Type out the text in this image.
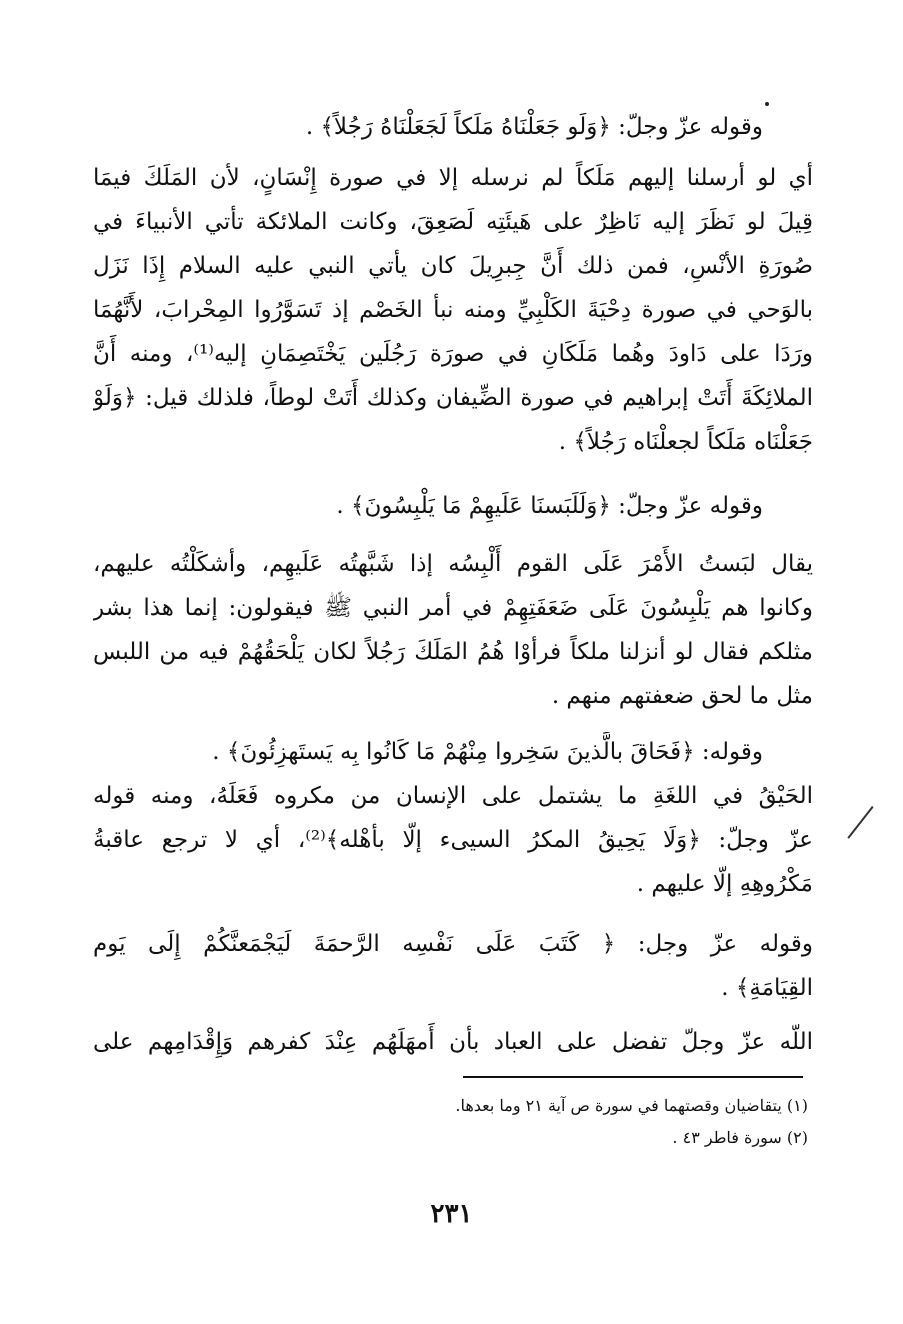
وقوله عزّ وجلّ: ﴿وَلَو جَعَلْنَاهُ مَلَكاً لَجَعَلْنَاهُ رَجُلاً﴾ .
أي لو أرسلنا إليهم مَلَكاً لم نرسله إلا في صورة إِنْسَانٍ، لأن المَلَكَ فيمَا
قِيلَ لو نَظَرَ إليه نَاظِرٌ على هَيئَتِه لَصَعِقَ، وكانت الملائكة تأتي الأنبياءَ في
صُورَةِ الأنْسِ، فمن ذلك أَنَّ جِبرِيلَ كان يأتي النبي عليه السلام إِذَا نَزَل
بالوَحي في صورة دِحْيَةَ الكَلْبِيِّ ومنه نبأ الخَصْم إذ تَسَوَّرُوا المِحْرابَ، لأَنَّهُمَا
ورَدَا على دَاودَ وهُما مَلَكَانِ في صورَة رَجُلَين يَخْتَصِمَانِ إليه⁽¹⁾، ومنه أَنَّ
الملائِكَةَ أَتَتْ إبراهيم في صورة الضِّيفان وكذلك أَتَتْ لوطاً، فلذلك قيل: ﴿وَلَوْ
جَعَلْنَاه مَلَكاً لجعلْنَاه رَجُلاً﴾ .
وقوله عزّ وجلّ: ﴿وَلَلَبَسنَا عَلَيهِمْ مَا يَلْبِسُونَ﴾ .
يقال لبَستُ الأَمْرَ عَلَى القوم أَلْبِسُه إذا شَبَّهتُه عَلَيهِم، وأشكَلْتُه عليهم،
وكانوا هم يَلْبِسُونَ عَلَى ضَعَفَتِهِمْ في أمر النبي ﷺ فيقولون: إنما هذا بشر
مثلكم فقال لو أنزلنا ملكاً فرأوْا هُمُ المَلَكَ رَجُلاً لكان يَلْحَقُهُمْ فيه من اللبس
مثل ما لحق ضعفتهم منهم .
وقوله: ﴿فَحَاقَ بالَّذينَ سَخِروا مِنْهُمْ مَا كَانُوا بِه يَستَهزِئُونَ﴾ .
الحَيْقُ في اللغَةِ ما يشتمل على الإنسان من مكروه فَعَلَهُ، ومنه قوله
عزّ وجلّ: ﴿وَلَا يَحِيقُ المكرُ السيىء إلّا بأهْله﴾⁽²⁾، أي لا ترجع عاقبةُ
مَكْرُوهِهِ إلّا عليهم .
وقوله عزّ وجل: ﴿ كَتَبَ عَلَى نَفْسِه الرَّحمَةَ لَيَجْمَعنَّكُمْ إِلَى يَوم
القِيَامَةِ﴾ .
اللّه عزّ وجلّ تفضل على العباد بأن أَمهَلَهُم عِنْدَ كفرهم وَإِقْدَامِهم على
(١) يتقاضيان وقصتهما في سورة ص آية ٢١ وما بعدها.
(٢) سورة فاطر ٤٣ .
٢٣١
